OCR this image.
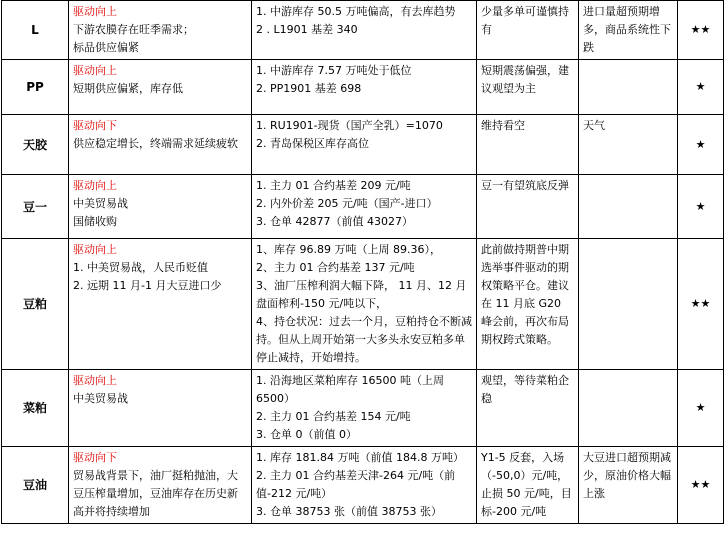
L	驱动向上
下游农膜存在旺季需求；
标品供应偏紧	1. 中游库存 50.5 万吨偏高，有去库趋势
2 . L1901 基差 340	少量多单可谨慎持有	进口量超预期增多，商品系统性下跌	★★
PP	驱动向上
短期供应偏紧，库存低	1. 中游库存 7.57 万吨处于低位
2. PP1901 基差 698	短期震荡偏强，建议观望为主		★
天胶	驱动向下
供应稳定增长，终端需求延续疲软	1. RU1901-现货（国产全乳）=1070
2. 青岛保税区库存高位	维持看空	天气	★
豆一	驱动向上
中美贸易战
国储收购	1. 主力 01 合约基差 209 元/吨
2. 内外价差 205 元/吨（国产-进口）
3. 仓单 42877（前值 43027）	豆一有望筑底反弹		★
豆粕	驱动向上
1. 中美贸易战，人民币贬值
2. 远期 11 月-1 月大豆进口少	1、库存 96.89 万吨（上周 89.36），
2、主力 01 合约基差 137 元/吨
3、油厂压榨利润大幅下降， 11 月、12 月盘面榨利-150 元/吨以下，
4、持仓状况：过去一个月，豆粕持仓不断减持。但从上周开始第一大多头永安豆粕多单停止减持，开始增持。	此前做持期普中期选举事件驱动的期权策略平仓。建议在 11 月底 G20 峰会前，再次布局期权跨式策略。		★★
菜粕	驱动向上
中美贸易战	1. 沿海地区菜粕库存 16500 吨（上周 6500）
2. 主力 01 合约基差 154 元/吨
3. 仓单 0（前值 0）	观望，等待菜粕企稳		★
豆油	驱动向下
贸易战背景下，油厂挺粕抛油，大豆压榨量增加，豆油库存在历史新高并将持续增加	1. 库存 181.84 万吨（前值 184.8 万吨）
2. 主力 01 合约基差天津-264 元/吨（前值-212 元/吨）
3. 仓单 38753 张（前值 38753 张）	Y1-5 反套，入场（-50,0）元/吨，止损 50 元/吨，目标-200 元/吨	大豆进口超预期减少，原油价格大幅上涨	★★
